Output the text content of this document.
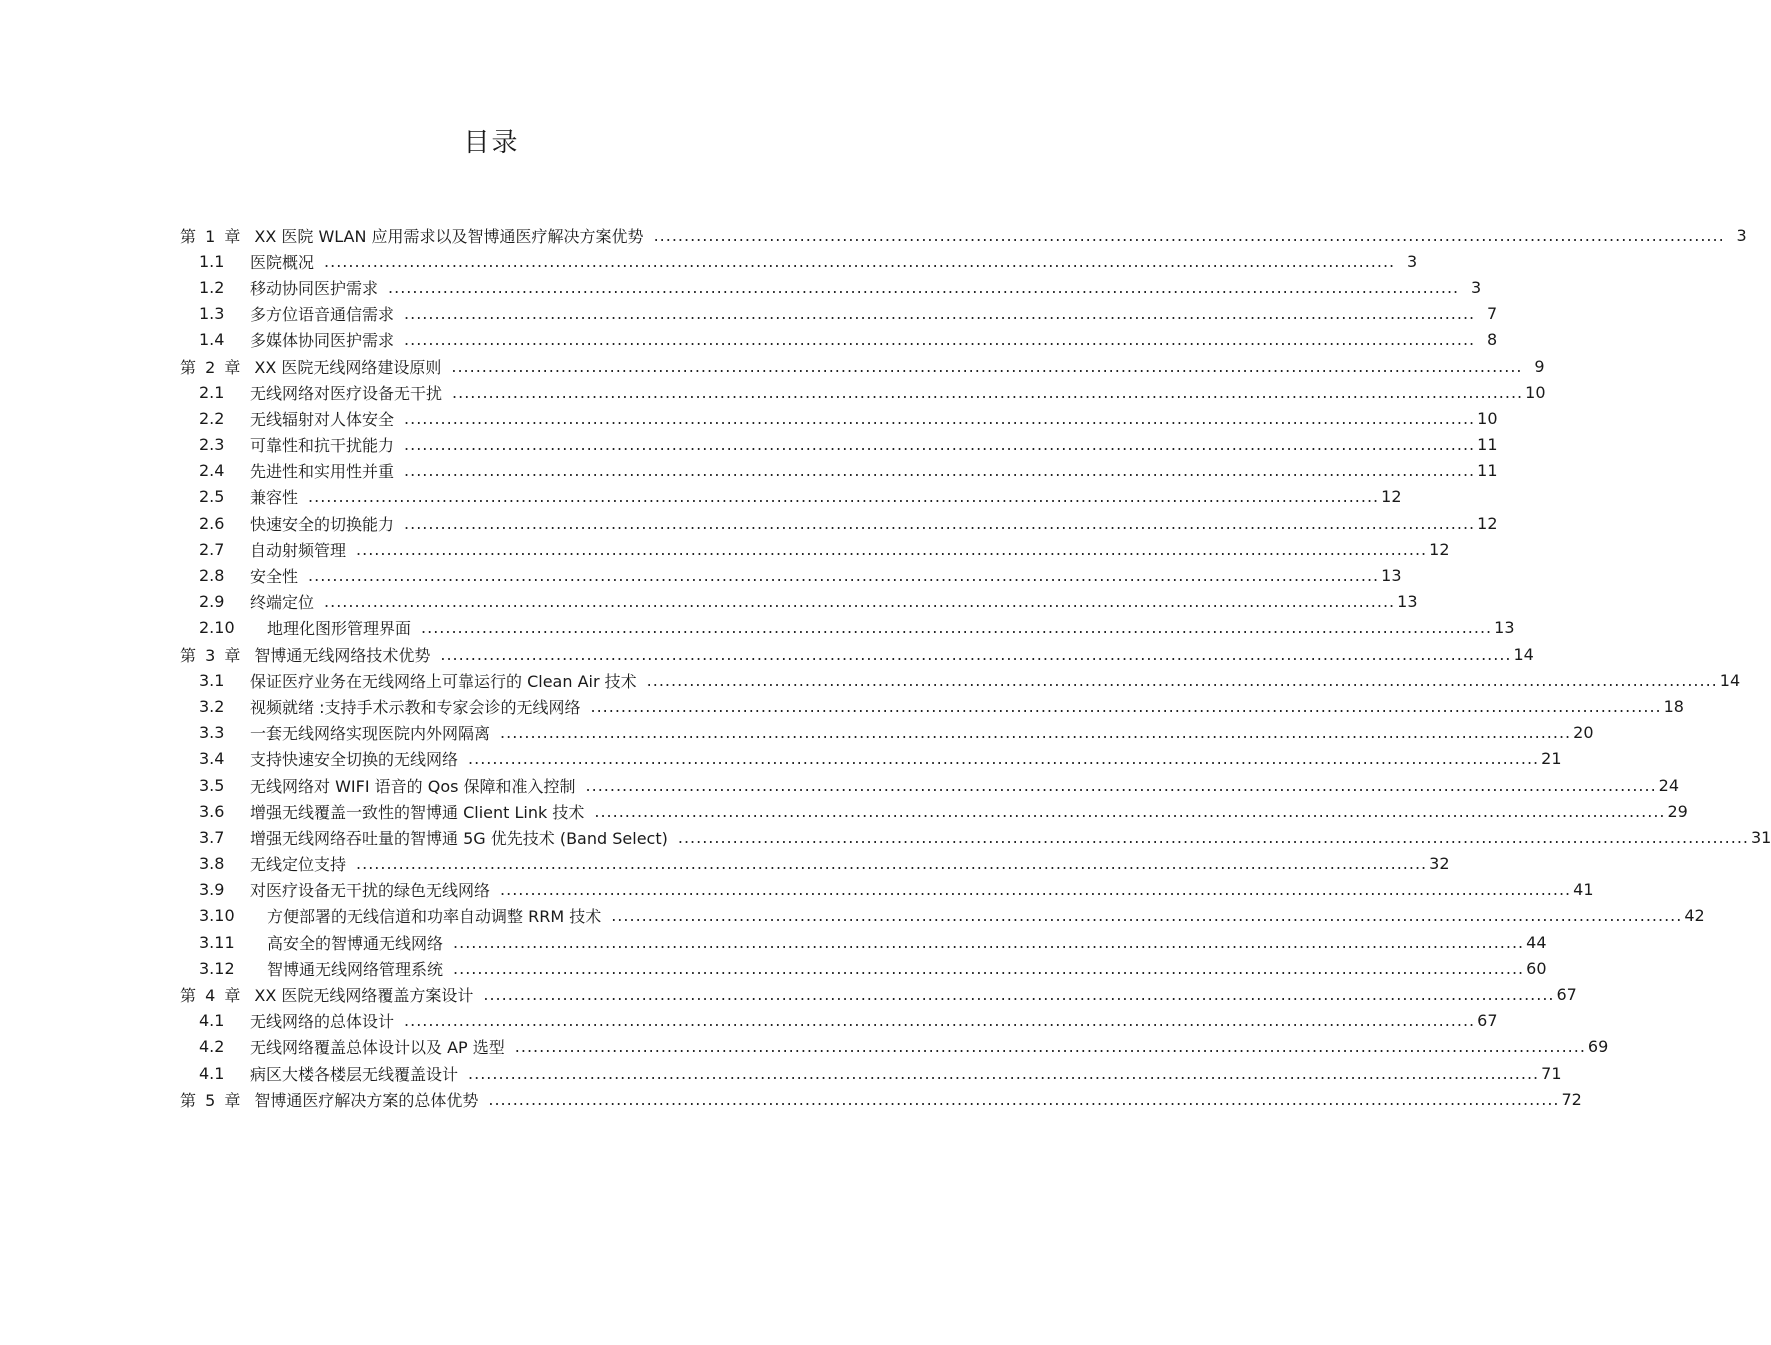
目录
第 1 章 XX 医院 WLAN 应用需求以及智博通医疗解决方案优势 .....	3
1.1	医院概况 .....	3
1.2	移动协同医护需求 .....	3
1.3	多方位语音通信需求 .....	7
1.4	多媒体协同医护需求 .....	8
第 2 章 XX 医院无线网络建设原则 .....	9
2.1	无线网络对医疗设备无干扰 .....	10
2.2	无线辐射对人体安全 .....	10
2.3	可靠性和抗干扰能力 .....	11
2.4	先进性和实用性并重 .....	11
2.5	兼容性 .....	12
2.6	快速安全的切换能力 .....	12
2.7	自动射频管理 .....	12
2.8	安全性 .....	13
2.9	终端定位 .....	13
2.10	地理化图形管理界面 .....	13
第 3 章 智博通无线网络技术优势 .....	14
3.1	保证医疗业务在无线网络上可靠运行的 Clean Air 技术 .....	14
3.2	视频就绪 :支持手术示教和专家会诊的无线网络 .....	18
3.3	一套无线网络实现医院内外网隔离 .....	20
3.4	支持快速安全切换的无线网络 .....	21
3.5	无线网络对 WIFI 语音的 Qos 保障和准入控制 .....	24
3.6	增强无线覆盖一致性的智博通 Client Link 技术 .....	29
3.7	增强无线网络吞吐量的智博通 5G 优先技术 (Band Select) .....	31
3.8	无线定位支持 .....	32
3.9	对医疗设备无干扰的绿色无线网络 .....	41
3.10	方便部署的无线信道和功率自动调整 RRM 技术 .....	42
3.11	高安全的智博通无线网络 .....	44
3.12	智博通无线网络管理系统 .....	60
第 4 章 XX 医院无线网络覆盖方案设计 .....	67
4.1	无线网络的总体设计 .....	67
4.2	无线网络覆盖总体设计以及 AP 选型 .....	69
4.1	病区大楼各楼层无线覆盖设计 .....	71
第 5 章 智博通医疗解决方案的总体优势 .....	72
